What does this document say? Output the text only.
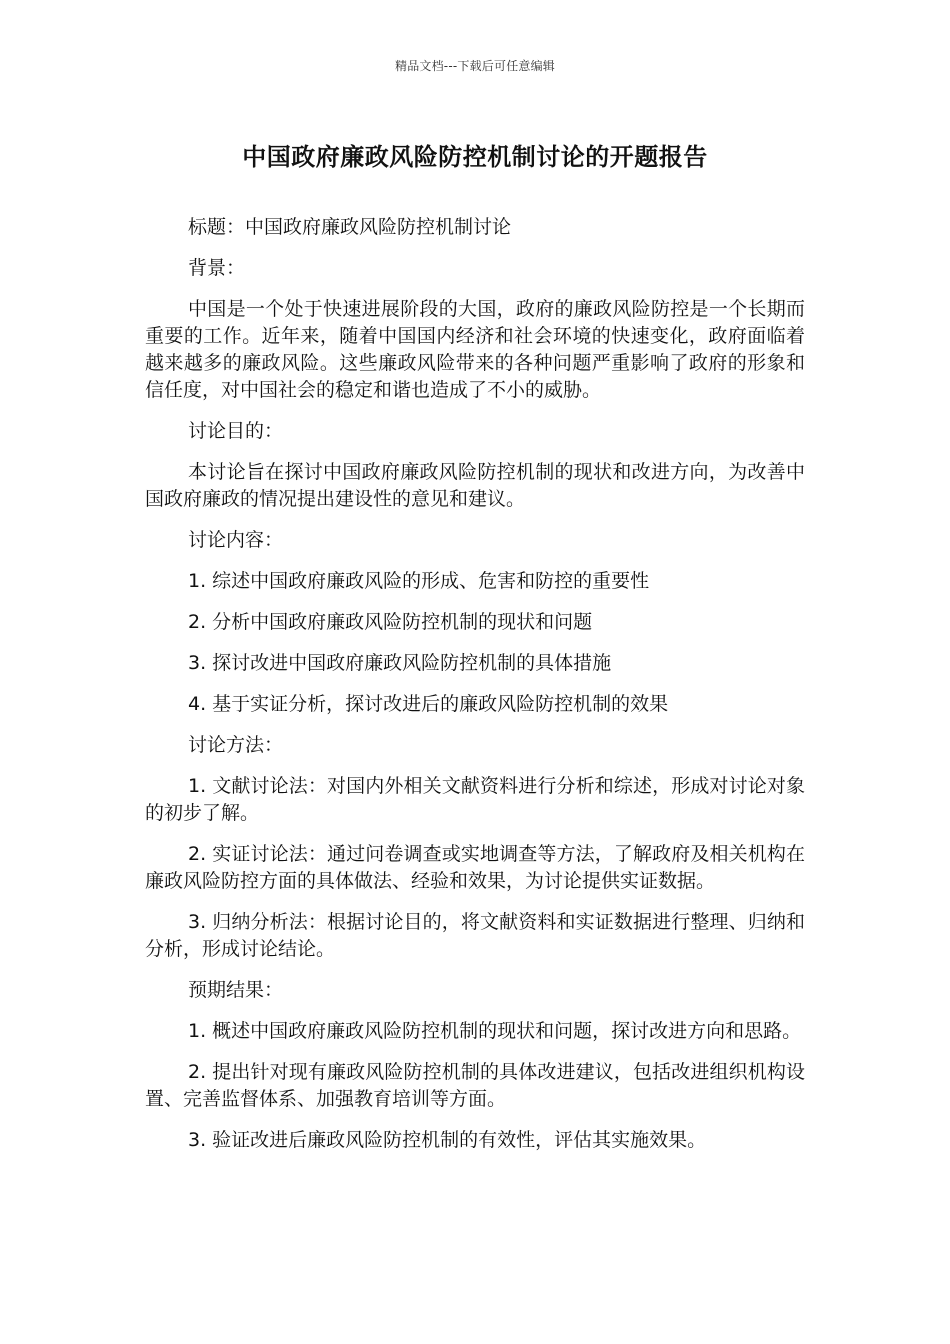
精品文档---下载后可任意编辑
中国政府廉政风险防控机制讨论的开题报告

标题：中国政府廉政风险防控机制讨论

背景：

中国是一个处于快速进展阶段的大国，政府的廉政风险防控是一个长期而重要的工作。近年来，随着中国国内经济和社会环境的快速变化，政府面临着越来越多的廉政风险。这些廉政风险带来的各种问题严重影响了政府的形象和信任度，对中国社会的稳定和谐也造成了不小的威胁。

讨论目的：

本讨论旨在探讨中国政府廉政风险防控机制的现状和改进方向，为改善中国政府廉政的情况提出建设性的意见和建议。

讨论内容：

1. 综述中国政府廉政风险的形成、危害和防控的重要性

2. 分析中国政府廉政风险防控机制的现状和问题

3. 探讨改进中国政府廉政风险防控机制的具体措施

4. 基于实证分析，探讨改进后的廉政风险防控机制的效果

讨论方法：

1. 文献讨论法：对国内外相关文献资料进行分析和综述，形成对讨论对象的初步了解。

2. 实证讨论法：通过问卷调查或实地调查等方法，了解政府及相关机构在廉政风险防控方面的具体做法、经验和效果，为讨论提供实证数据。

3. 归纳分析法：根据讨论目的，将文献资料和实证数据进行整理、归纳和分析，形成讨论结论。

预期结果：

1. 概述中国政府廉政风险防控机制的现状和问题，探讨改进方向和思路。

2. 提出针对现有廉政风险防控机制的具体改进建议，包括改进组织机构设置、完善监督体系、加强教育培训等方面。

3. 验证改进后廉政风险防控机制的有效性，评估其实施效果。
